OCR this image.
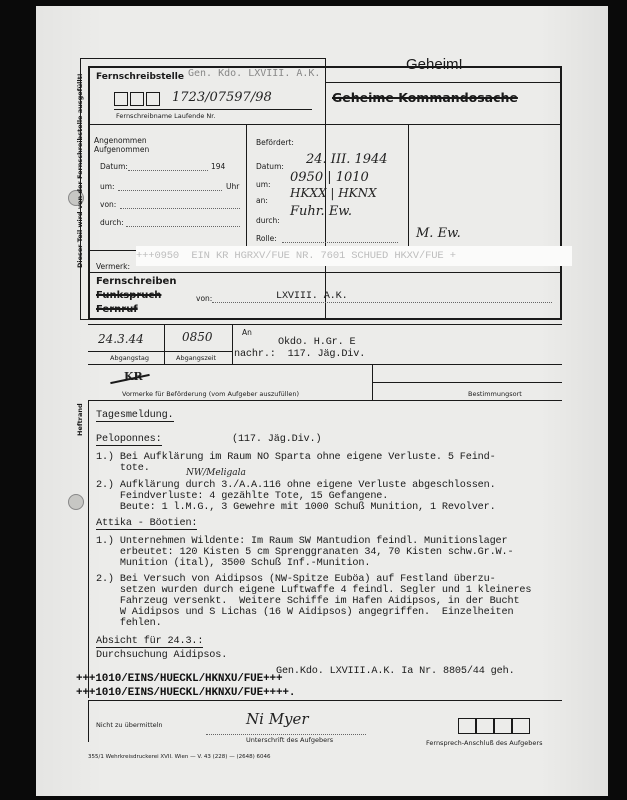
Dieser Teil wird von der Fernschreibstelle ausgefüllt!
Heftrand
Fernschreibstelle Gen. Kdo. LXVIII. A.K.
Geheim!
Geheime Kommandosache
1723/07597/98
Fernschreibname Laufende Nr.
Angenommen
Aufgenommen
Datum:	194
um:	Uhr
von:
durch:
Befördert:
Datum: 24. III. 1944
um: 0950 | 1010
an:
HKXX | HKNX
durch:
Fuhr. Ew.
Rolle:	M. Ew.
Vermerk:
+++0950  EIN KR HGRXV/FUE NR. 7601 SCHUED HKXV/FUE +
Fernschreiben
Funkspruch
Fernruf
von:	LXVIII. A.K.
24.3.44
Abgangstag
0850
Abgangszeit
An
Okdo. H.Gr. E
nachr.:  117. Jäg.Div.
KR
Vormerke für Beförderung (vom Aufgeber auszufüllen)	Bestimmungsort
Tagesmeldung.
Peloponnes:	(117. Jäg.Div.)
1.) Bei Aufklärung im Raum NO Sparta ohne eigene Verluste. 5 Feind-
tote.	NW/Meligala
2.) Aufklärung durch 3./A.A.116 ohne eigene Verluste abgeschlossen.
Feindverluste: 4 gezählte Tote, 15 Gefangene.
Beute: 1 l.M.G., 3 Gewehre mit 1000 Schuß Munition, 1 Revolver.
Attika - Böotien:
1.) Unternehmen Wildente: Im Raum SW Mantudion feindl. Munitionslager
erbeutet: 120 Kisten 5 cm Sprenggranaten 34, 70 Kisten schw.Gr.W.-
Munition (ital), 3500 Schuß Inf.-Munition.
2.) Bei Versuch von Aidipsos (NW-Spitze Euböa) auf Festland überzu-
setzen wurden durch eigene Luftwaffe 4 feindl. Segler und 1 kleineres
Fahrzeug versenkt.  Weitere Schiffe im Hafen Aidipsos, in der Bucht
W Aidipsos und S Lichas (16 W Aidipsos) angegriffen.  Einzelheiten
fehlen.
Absicht für 24.3.:
Durchsuchung Aidipsos.
Gen.Kdo. LXVIII.A.K. Ia Nr. 8805/44 geh.
+++1010/EINS/HUECKL/HKNXU/FUE+++
+++1010/EINS/HUECKL/HKNXU/FUE++++.
Nicht zu übermitteln	Ni Myer
Unterschrift des Aufgebers	Fernsprech-Anschluß des Aufgebers
355/1 Wehrkreisdruckerei XVII. Wien — V. 43 (228) — (2648) 6046
